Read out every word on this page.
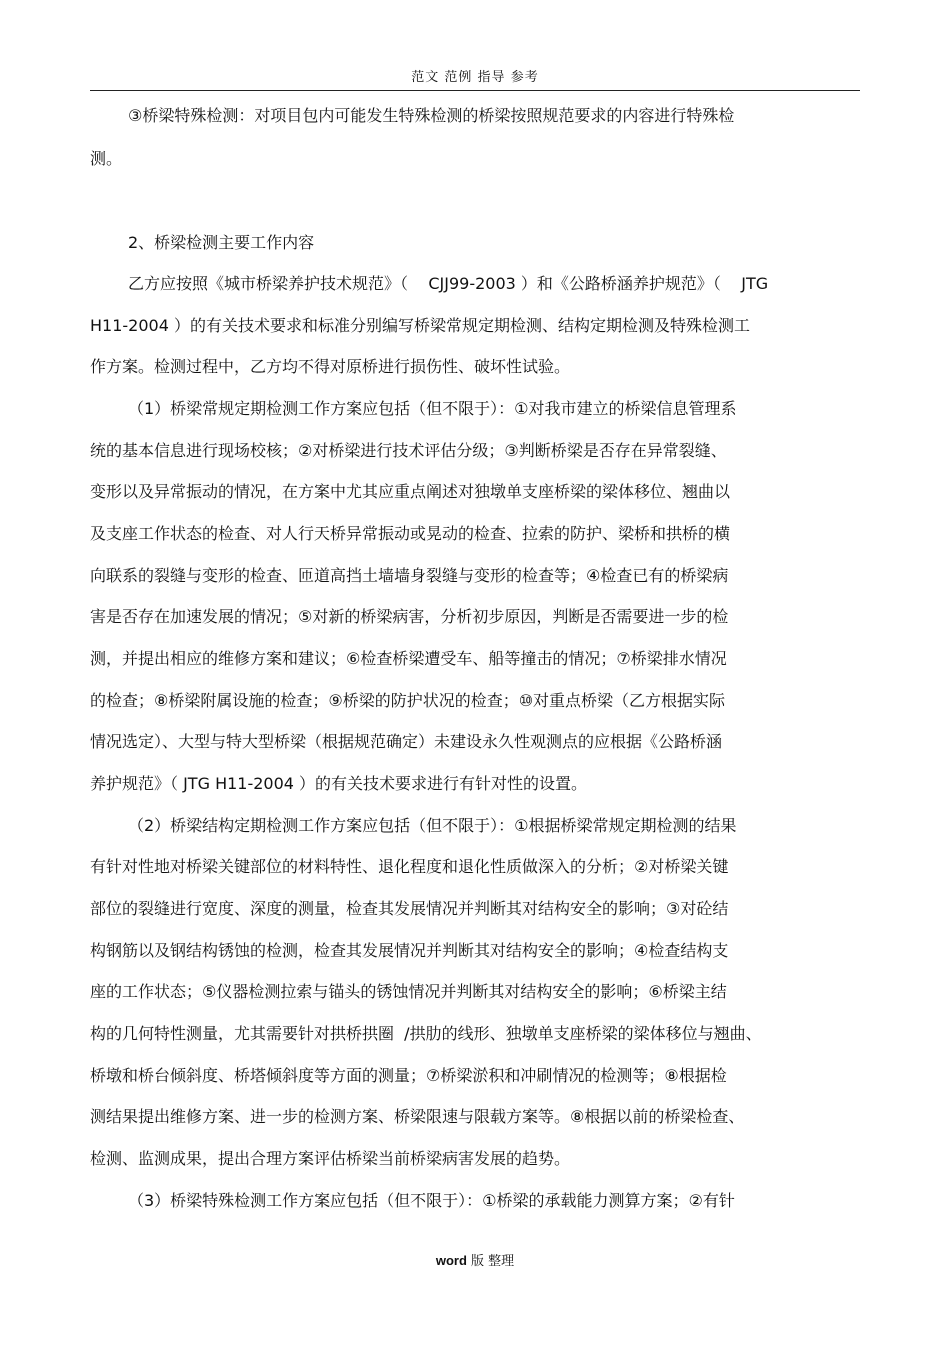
范文 范例 指导 参考
③桥梁特殊检测：对项目包内可能发生特殊检测的桥梁按照规范要求的内容进行特殊检
测。
2、桥梁检测主要工作内容
乙方应按照《城市桥梁养护技术规范》（    CJJ99-2003 ）和《公路桥涵养护规范》（    JTG
H11-2004 ）的有关技术要求和标准分别编写桥梁常规定期检测、结构定期检测及特殊检测工
作方案。检测过程中，乙方均不得对原桥进行损伤性、破坏性试验。
（1）桥梁常规定期检测工作方案应包括（但不限于）：①对我市建立的桥梁信息管理系
统的基本信息进行现场校核；②对桥梁进行技术评估分级；③判断桥梁是否存在异常裂缝、
变形以及异常振动的情况，在方案中尤其应重点阐述对独墩单支座桥梁的梁体移位、翘曲以
及支座工作状态的检查、对人行天桥异常振动或晃动的检查、拉索的防护、梁桥和拱桥的横
向联系的裂缝与变形的检查、匝道高挡土墙墙身裂缝与变形的检查等；④检查已有的桥梁病
害是否存在加速发展的情况；⑤对新的桥梁病害，分析初步原因，判断是否需要进一步的检
测，并提出相应的维修方案和建议；⑥检查桥梁遭受车、船等撞击的情况；⑦桥梁排水情况
的检查；⑧桥梁附属设施的检查；⑨桥梁的防护状况的检查；⑩对重点桥梁（乙方根据实际
情况选定）、大型与特大型桥梁（根据规范确定）未建设永久性观测点的应根据《公路桥涵
养护规范》（ JTG H11-2004 ）的有关技术要求进行有针对性的设置。
（2）桥梁结构定期检测工作方案应包括（但不限于）：①根据桥梁常规定期检测的结果
有针对性地对桥梁关键部位的材料特性、退化程度和退化性质做深入的分析；②对桥梁关键
部位的裂缝进行宽度、深度的测量，检查其发展情况并判断其对结构安全的影响；③对砼结
构钢筋以及钢结构锈蚀的检测，检查其发展情况并判断其对结构安全的影响；④检查结构支
座的工作状态；⑤仪器检测拉索与锚头的锈蚀情况并判断其对结构安全的影响；⑥桥梁主结
构的几何特性测量，尤其需要针对拱桥拱圈  /拱肋的线形、独墩单支座桥梁的梁体移位与翘曲、
桥墩和桥台倾斜度、桥塔倾斜度等方面的测量；⑦桥梁淤积和冲刷情况的检测等；⑧根据检
测结果提出维修方案、进一步的检测方案、桥梁限速与限载方案等。⑧根据以前的桥梁检查、
检测、监测成果，提出合理方案评估桥梁当前桥梁病害发展的趋势。
（3）桥梁特殊检测工作方案应包括（但不限于）：①桥梁的承载能力测算方案；②有针
word 版 整理
